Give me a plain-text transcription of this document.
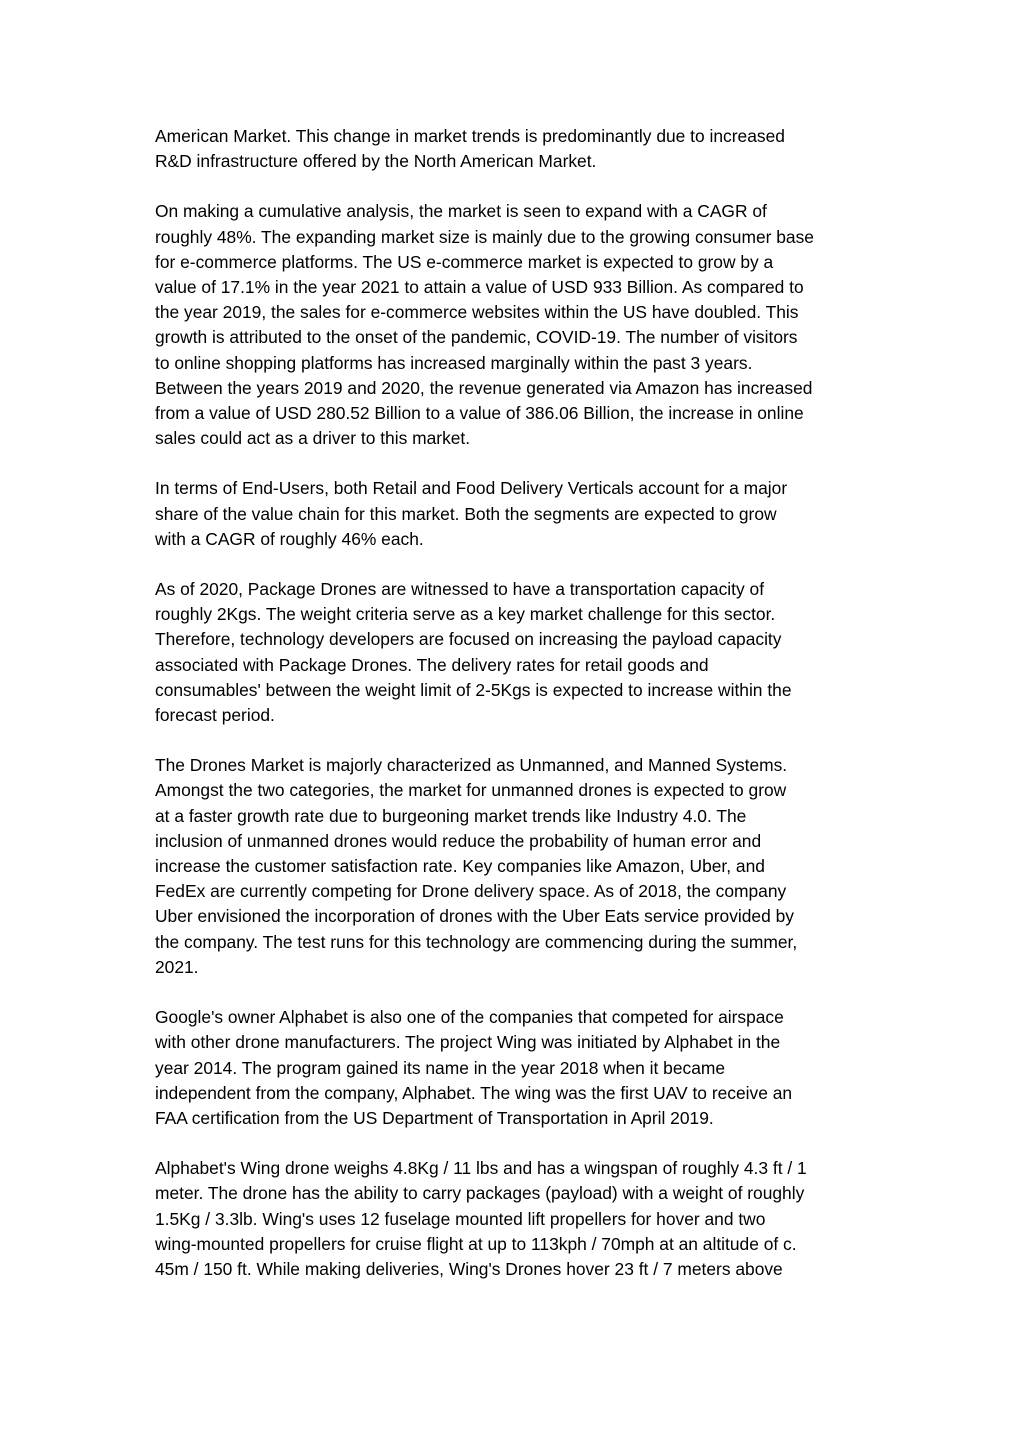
American Market. This change in market trends is predominantly due to increased
R&D infrastructure offered by the North American Market.

On making a cumulative analysis, the market is seen to expand with a CAGR of
roughly 48%. The expanding market size is mainly due to the growing consumer base
for e-commerce platforms. The US e-commerce market is expected to grow by a
value of 17.1% in the year 2021 to attain a value of USD 933 Billion. As compared to
the year 2019, the sales for e-commerce websites within the US have doubled. This
growth is attributed to the onset of the pandemic, COVID-19. The number of visitors
to online shopping platforms has increased marginally within the past 3 years.
Between the years 2019 and 2020, the revenue generated via Amazon has increased
from a value of USD 280.52 Billion to a value of 386.06 Billion, the increase in online
sales could act as a driver to this market.

In terms of End-Users, both Retail and Food Delivery Verticals account for a major
share of the value chain for this market. Both the segments are expected to grow
with a CAGR of roughly 46% each.

As of 2020, Package Drones are witnessed to have a transportation capacity of
roughly 2Kgs. The weight criteria serve as a key market challenge for this sector.
Therefore, technology developers are focused on increasing the payload capacity
associated with Package Drones. The delivery rates for retail goods and
consumables' between the weight limit of 2-5Kgs is expected to increase within the
forecast period.

The Drones Market is majorly characterized as Unmanned, and Manned Systems.
Amongst the two categories, the market for unmanned drones is expected to grow
at a faster growth rate due to burgeoning market trends like Industry 4.0. The
inclusion of unmanned drones would reduce the probability of human error and
increase the customer satisfaction rate. Key companies like Amazon, Uber, and
FedEx are currently competing for Drone delivery space. As of 2018, the company
Uber envisioned the incorporation of drones with the Uber Eats service provided by
the company. The test runs for this technology are commencing during the summer,
2021.

Google's owner Alphabet is also one of the companies that competed for airspace
with other drone manufacturers. The project Wing was initiated by Alphabet in the
year 2014. The program gained its name in the year 2018 when it became
independent from the company, Alphabet. The wing was the first UAV to receive an
FAA certification from the US Department of Transportation in April 2019.

Alphabet's Wing drone weighs 4.8Kg / 11 lbs and has a wingspan of roughly 4.3 ft / 1
meter. The drone has the ability to carry packages (payload) with a weight of roughly
1.5Kg / 3.3lb. Wing's uses 12 fuselage mounted lift propellers for hover and two
wing-mounted propellers for cruise flight at up to 113kph / 70mph at an altitude of c.
45m / 150 ft. While making deliveries, Wing's Drones hover 23 ft / 7 meters above
